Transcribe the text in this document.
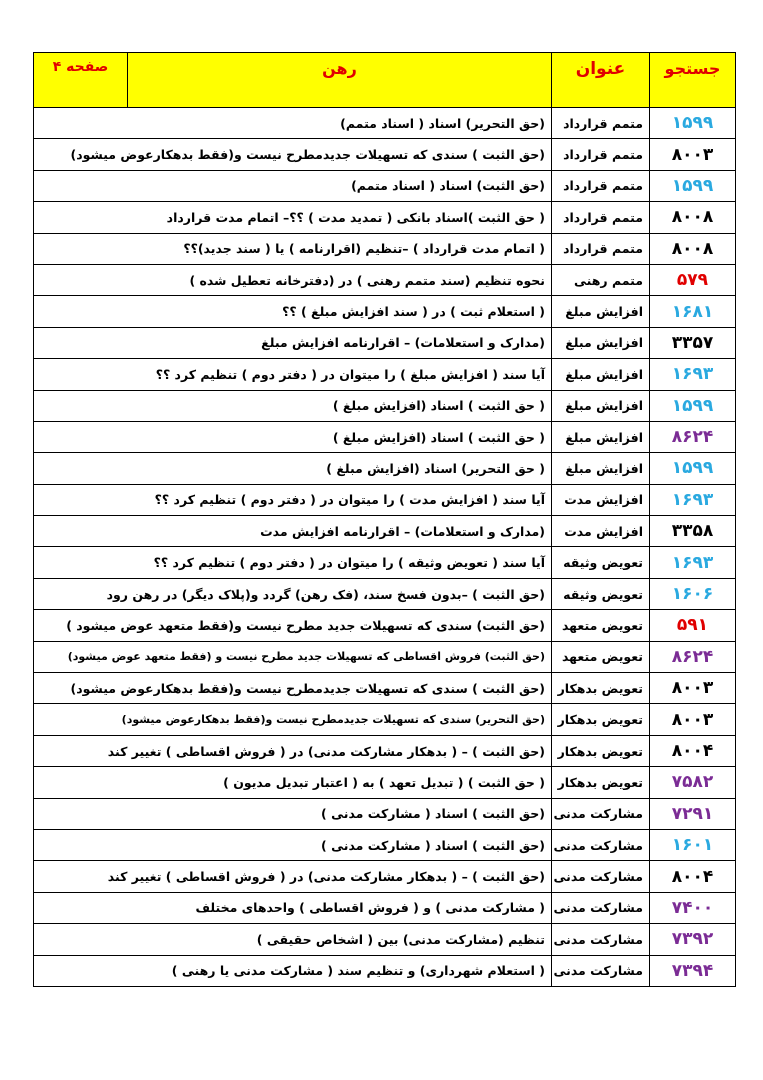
جستجو	عنوان	رهن	صفحه ۴
۱۵۹۹	متمم قرارداد	(حق التحریر) اسناد ( اسناد متمم)	
۸۰۰۳	متمم قرارداد	(حق الثبت ) سندی که تسهیلات جدیدمطرح نیست و(فقط بدهکارعوض میشود)	
۱۵۹۹	متمم قرارداد	(حق الثبت) اسناد ( اسناد متمم)	
۸۰۰۸	متمم قرارداد	( حق الثبت )اسناد بانکی ( تمدید مدت ) ؟؟– اتمام مدت قرارداد	
۸۰۰۸	متمم قرارداد	( اتمام مدت قرارداد ) –تنظیم (اقرارنامه ) یا ( سند جدید)؟؟	
۵۷۹	متمم رهنی	نحوه تنظیم (سند متمم رهنی ) در (دفترخانه تعطیل شده )	
۱۶۸۱	افزایش مبلغ	( استعلام ثبت ) در ( سند افزایش مبلغ ) ؟؟	
۳۳۵۷	افزایش مبلغ	(مدارک و استعلامات) – اقرارنامه افزایش مبلغ	
۱۶۹۳	افزایش مبلغ	آیا سند ( افزایش مبلغ ) را میتوان در ( دفتر دوم ) تنظیم کرد ؟؟	
۱۵۹۹	افزایش مبلغ	( حق الثبت ) اسناد (افزایش مبلغ )	
۸۶۲۴	افزایش مبلغ	( حق الثبت ) اسناد (افزایش مبلغ )	
۱۵۹۹	افزایش مبلغ	( حق التحریر) اسناد (افزایش مبلغ )	
۱۶۹۳	افزایش مدت	آیا سند ( افزایش مدت ) را میتوان در ( دفتر دوم ) تنظیم کرد ؟؟	
۳۳۵۸	افزایش مدت	(مدارک و استعلامات) – اقرارنامه افزایش مدت	
۱۶۹۳	تعویض وثیقه	آیا سند ( تعویض وثیقه ) را میتوان در ( دفتر دوم ) تنظیم کرد ؟؟	
۱۶۰۶	تعویض وثیقه	(حق الثبت ) –بدون فسخ سند، (فک رهن) گردد و(پلاک دیگر) در رهن رود	
۵۹۱	تعویض متعهد	(حق الثبت) سندی که تسهیلات جدید مطرح نیست و(فقط متعهد عوض میشود )	
۸۶۲۴	تعویض متعهد	(حق الثبت) فروش اقساطی که تسهیلات جدید مطرح نیست و (فقط متعهد عوض میشود)	
۸۰۰۳	تعویض بدهکار	(حق الثبت ) سندی که تسهیلات جدیدمطرح نیست و(فقط بدهکارعوض میشود)	
۸۰۰۳	تعویض بدهکار	(حق التحریر) سندی که تسهیلات جدیدمطرح نیست و(فقط بدهکارعوض میشود)	
۸۰۰۴	تعویض بدهکار	(حق الثبت ) – ( بدهکار مشارکت مدنی) در ( فروش اقساطی ) تغییر کند	
۷۵۸۲	تعویض بدهکار	( حق الثبت ) ( تبدیل تعهد ) به ( اعتبار تبدیل مدیون )	
۷۲۹۱	مشارکت مدنی	(حق الثبت ) اسناد ( مشارکت مدنی )	
۱۶۰۱	مشارکت مدنی	(حق الثبت ) اسناد ( مشارکت مدنی )	
۸۰۰۴	مشارکت مدنی	(حق الثبت ) – ( بدهکار مشارکت مدنی) در ( فروش اقساطی ) تغییر کند	
۷۴۰۰	مشارکت مدنی	( مشارکت مدنی ) و ( فروش اقساطی ) واحدهای مختلف	
۷۳۹۲	مشارکت مدنی	تنظیم (مشارکت مدنی) بین ( اشخاص حقیقی )	
۷۳۹۴	مشارکت مدنی	( استعلام شهرداری) و تنظیم سند ( مشارکت مدنی یا رهنی )	
